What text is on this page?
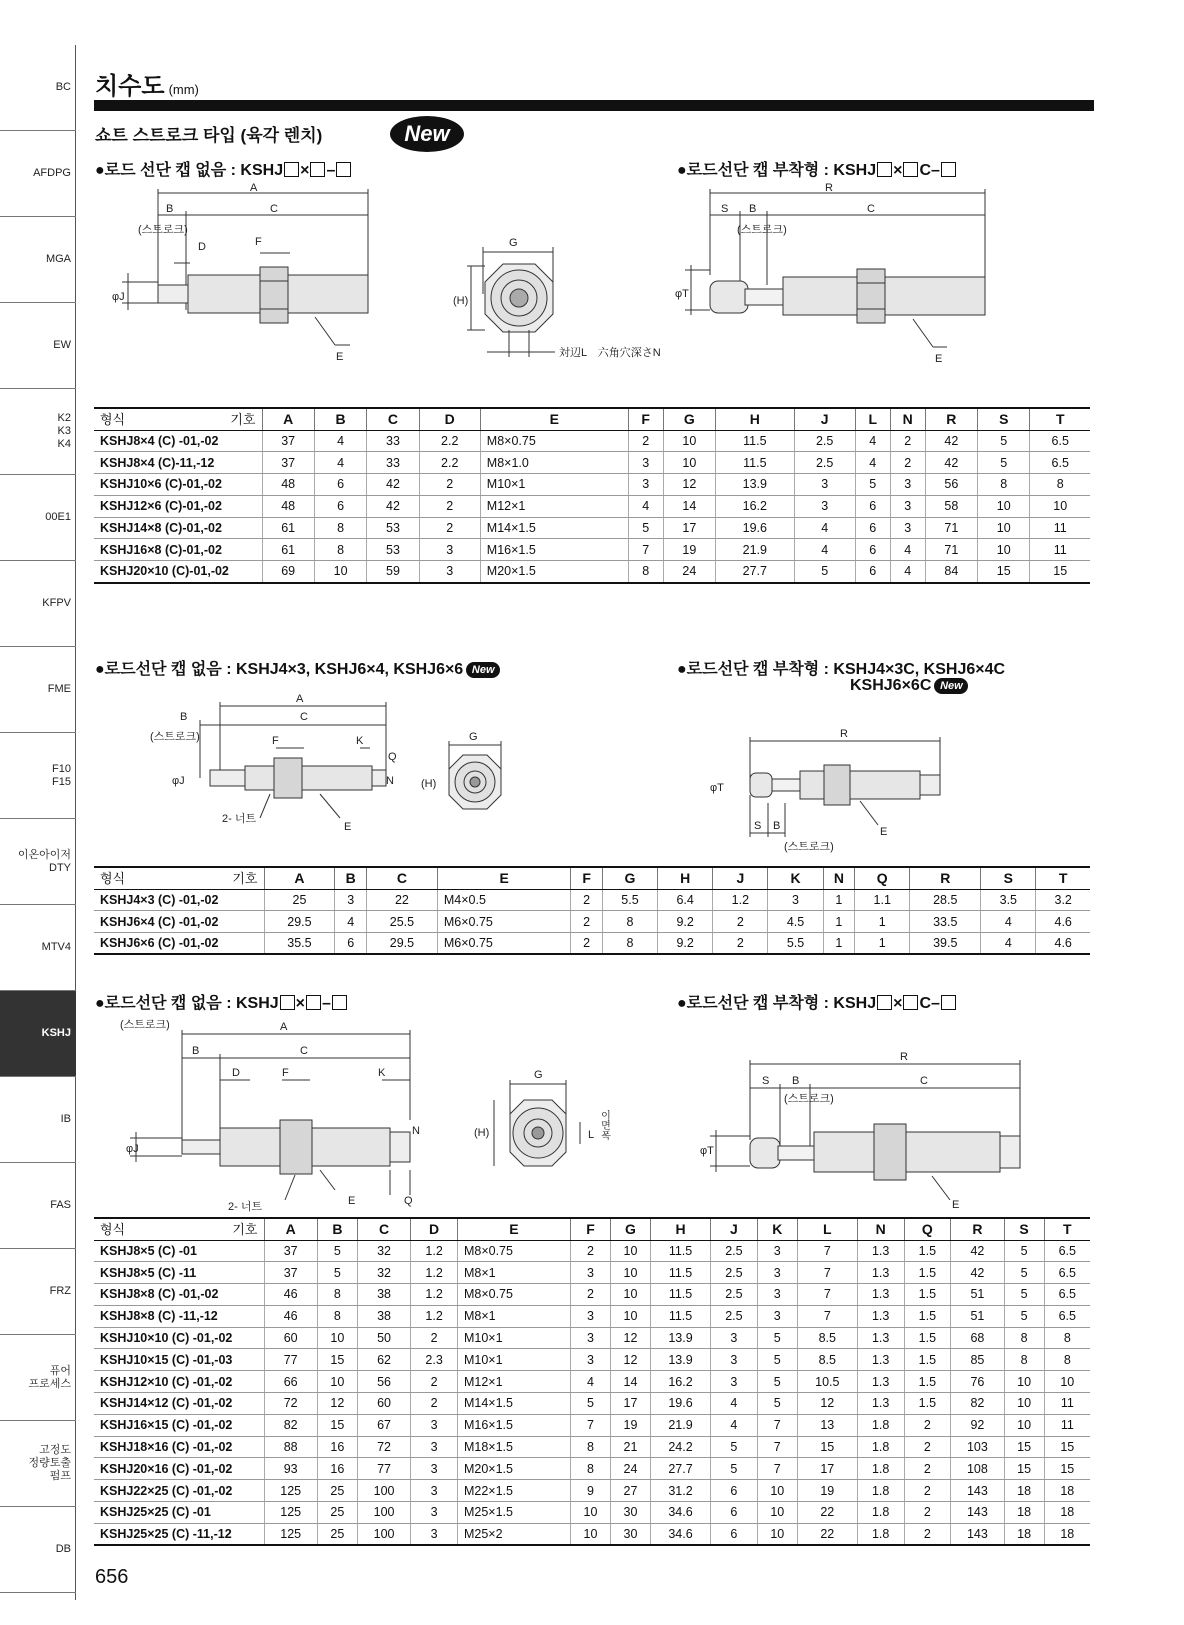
BC
AFDPG
MGA
EW
K2
K3
K4
00E1
KFPV
FME
F10
F15
이온아이저
DTY
MTV4
KSHJ
IB
FAS
FRZ
퓨어
프로세스
고정도
정량토출
펌프
DB
치수도 (mm)
쇼트 스트로크 타입 (육각 렌치)	New
●로드 선단 캡 없음 : KSHJ × –	●로드선단 캡 부착형 : KSHJ × C–
A
B	C
(스트로크)
D	F
φJ
E
G
(H)
対辺L　六角穴深さN
R
S B	C
(스트로크)
φT
E
형식 기호	A	B	C	D	E	F	G	H	J	L	N	R	S	T
KSHJ8×4 (C) -01,-02	37	4	33	2.2	M8×0.75	2	10	11.5	2.5	4	2	42	5	6.5
KSHJ8×4 (C)-11,-12	37	4	33	2.2	M8×1.0	3	10	11.5	2.5	4	2	42	5	6.5
KSHJ10×6 (C)-01,-02	48	6	42	2	M10×1	3	12	13.9	3	5	3	56	8	8
KSHJ12×6 (C)-01,-02	48	6	42	2	M12×1	4	14	16.2	3	6	3	58	10	10
KSHJ14×8 (C)-01,-02	61	8	53	2	M14×1.5	5	17	19.6	4	6	3	71	10	11
KSHJ16×8 (C)-01,-02	61	8	53	3	M16×1.5	7	19	21.9	4	6	4	71	10	11
KSHJ20×10 (C)-01,-02	69	10	59	3	M20×1.5	8	24	27.7	5	6	4	84	15	15
●로드선단 캡 없음 : KSHJ4×3, KSHJ6×4, KSHJ6×6 New	●로드선단 캡 부착형 : KSHJ4×3C, KSHJ6×4C
KSHJ6×6C New
A
B	C
(스트로크)	F	K
Q
N
φJ
2- 너트
E
G
(H)
R
S B
(스트로크)
φT
E
형식 기호	A	B	C	E	F	G	H	J	K	N	Q	R	S	T
KSHJ4×3 (C) -01,-02	25	3	22	M4×0.5	2	5.5	6.4	1.2	3	1	1.1	28.5	3.5	3.2
KSHJ6×4 (C) -01,-02	29.5	4	25.5	M6×0.75	2	8	9.2	2	4.5	1	1	33.5	4	4.6
KSHJ6×6 (C) -01,-02	35.5	6	29.5	M6×0.75	2	8	9.2	2	5.5	1	1	39.5	4	4.6
●로드선단 캡 없음 : KSHJ × –	●로드선단 캡 부착형 : KSHJ × C–
A
B	C
(스트로크)
D	F	K
N
Q
E
2- 너트
φJ
G
(H)	L 이면폭
R
S B	C
(스트로크)
φT
E
형식 기호	A	B	C	D	E	F	G	H	J	K	L	N	Q	R	S	T
KSHJ8×5 (C) -01	37	5	32	1.2	M8×0.75	2	10	11.5	2.5	3	7	1.3	1.5	42	5	6.5
KSHJ8×5 (C) -11	37	5	32	1.2	M8×1	3	10	11.5	2.5	3	7	1.3	1.5	42	5	6.5
KSHJ8×8 (C) -01,-02	46	8	38	1.2	M8×0.75	2	10	11.5	2.5	3	7	1.3	1.5	51	5	6.5
KSHJ8×8 (C) -11,-12	46	8	38	1.2	M8×1	3	10	11.5	2.5	3	7	1.3	1.5	51	5	6.5
KSHJ10×10 (C) -01,-02	60	10	50	2	M10×1	3	12	13.9	3	5	8.5	1.3	1.5	68	8	8
KSHJ10×15 (C) -01,-03	77	15	62	2.3	M10×1	3	12	13.9	3	5	8.5	1.3	1.5	85	8	8
KSHJ12×10 (C) -01,-02	66	10	56	2	M12×1	4	14	16.2	3	5	10.5	1.3	1.5	76	10	10
KSHJ14×12 (C) -01,-02	72	12	60	2	M14×1.5	5	17	19.6	4	5	12	1.3	1.5	82	10	11
KSHJ16×15 (C) -01,-02	82	15	67	3	M16×1.5	7	19	21.9	4	7	13	1.8	2	92	10	11
KSHJ18×16 (C) -01,-02	88	16	72	3	M18×1.5	8	21	24.2	5	7	15	1.8	2	103	15	15
KSHJ20×16 (C) -01,-02	93	16	77	3	M20×1.5	8	24	27.7	5	7	17	1.8	2	108	15	15
KSHJ22×25 (C) -01,-02	125	25	100	3	M22×1.5	9	27	31.2	6	10	19	1.8	2	143	18	18
KSHJ25×25 (C) -01	125	25	100	3	M25×1.5	10	30	34.6	6	10	22	1.8	2	143	18	18
KSHJ25×25 (C) -11,-12	125	25	100	3	M25×2	10	30	34.6	6	10	22	1.8	2	143	18	18
656
